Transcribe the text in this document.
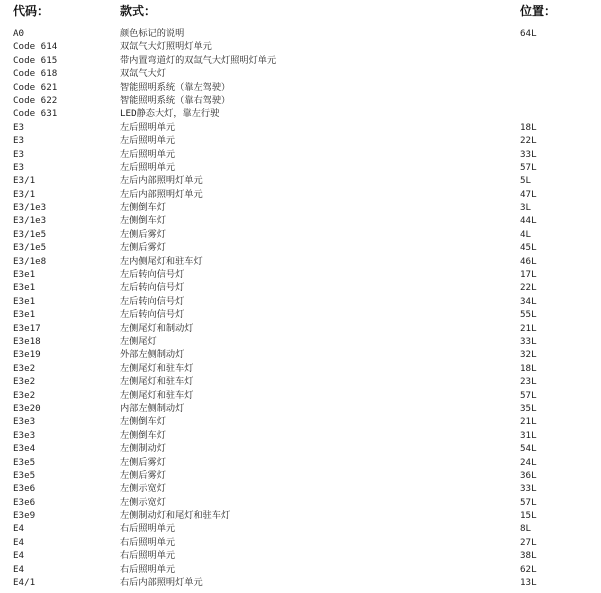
代码：	款式：	位置：
A0	颜色标记的说明	64L
Code 614	双氙气大灯照明灯单元
Code 615	带内置弯道灯的双氙气大灯照明灯单元
Code 618	双氙气大灯
Code 621	智能照明系统（靠左驾驶）
Code 622	智能照明系统（靠右驾驶）
Code 631	LED静态大灯，靠左行驶
E3	左后照明单元	18L
E3	左后照明单元	22L
E3	左后照明单元	33L
E3	左后照明单元	57L
E3/1	左后内部照明灯单元	5L
E3/1	左后内部照明灯单元	47L
E3/1e3	左侧倒车灯	3L
E3/1e3	左侧倒车灯	44L
E3/1e5	左侧后雾灯	4L
E3/1e5	左侧后雾灯	45L
E3/1e8	左内侧尾灯和驻车灯	46L
E3e1	左后转向信号灯	17L
E3e1	左后转向信号灯	22L
E3e1	左后转向信号灯	34L
E3e1	左后转向信号灯	55L
E3e17	左侧尾灯和制动灯	21L
E3e18	左侧尾灯	33L
E3e19	外部左侧制动灯	32L
E3e2	左侧尾灯和驻车灯	18L
E3e2	左侧尾灯和驻车灯	23L
E3e2	左侧尾灯和驻车灯	57L
E3e20	内部左侧制动灯	35L
E3e3	左侧倒车灯	21L
E3e3	左侧倒车灯	31L
E3e4	左侧制动灯	54L
E3e5	左侧后雾灯	24L
E3e5	左侧后雾灯	36L
E3e6	左侧示宽灯	33L
E3e6	左侧示宽灯	57L
E3e9	左侧制动灯和尾灯和驻车灯	15L
E4	右后照明单元	8L
E4	右后照明单元	27L
E4	右后照明单元	38L
E4	右后照明单元	62L
E4/1	右后内部照明灯单元	13L
